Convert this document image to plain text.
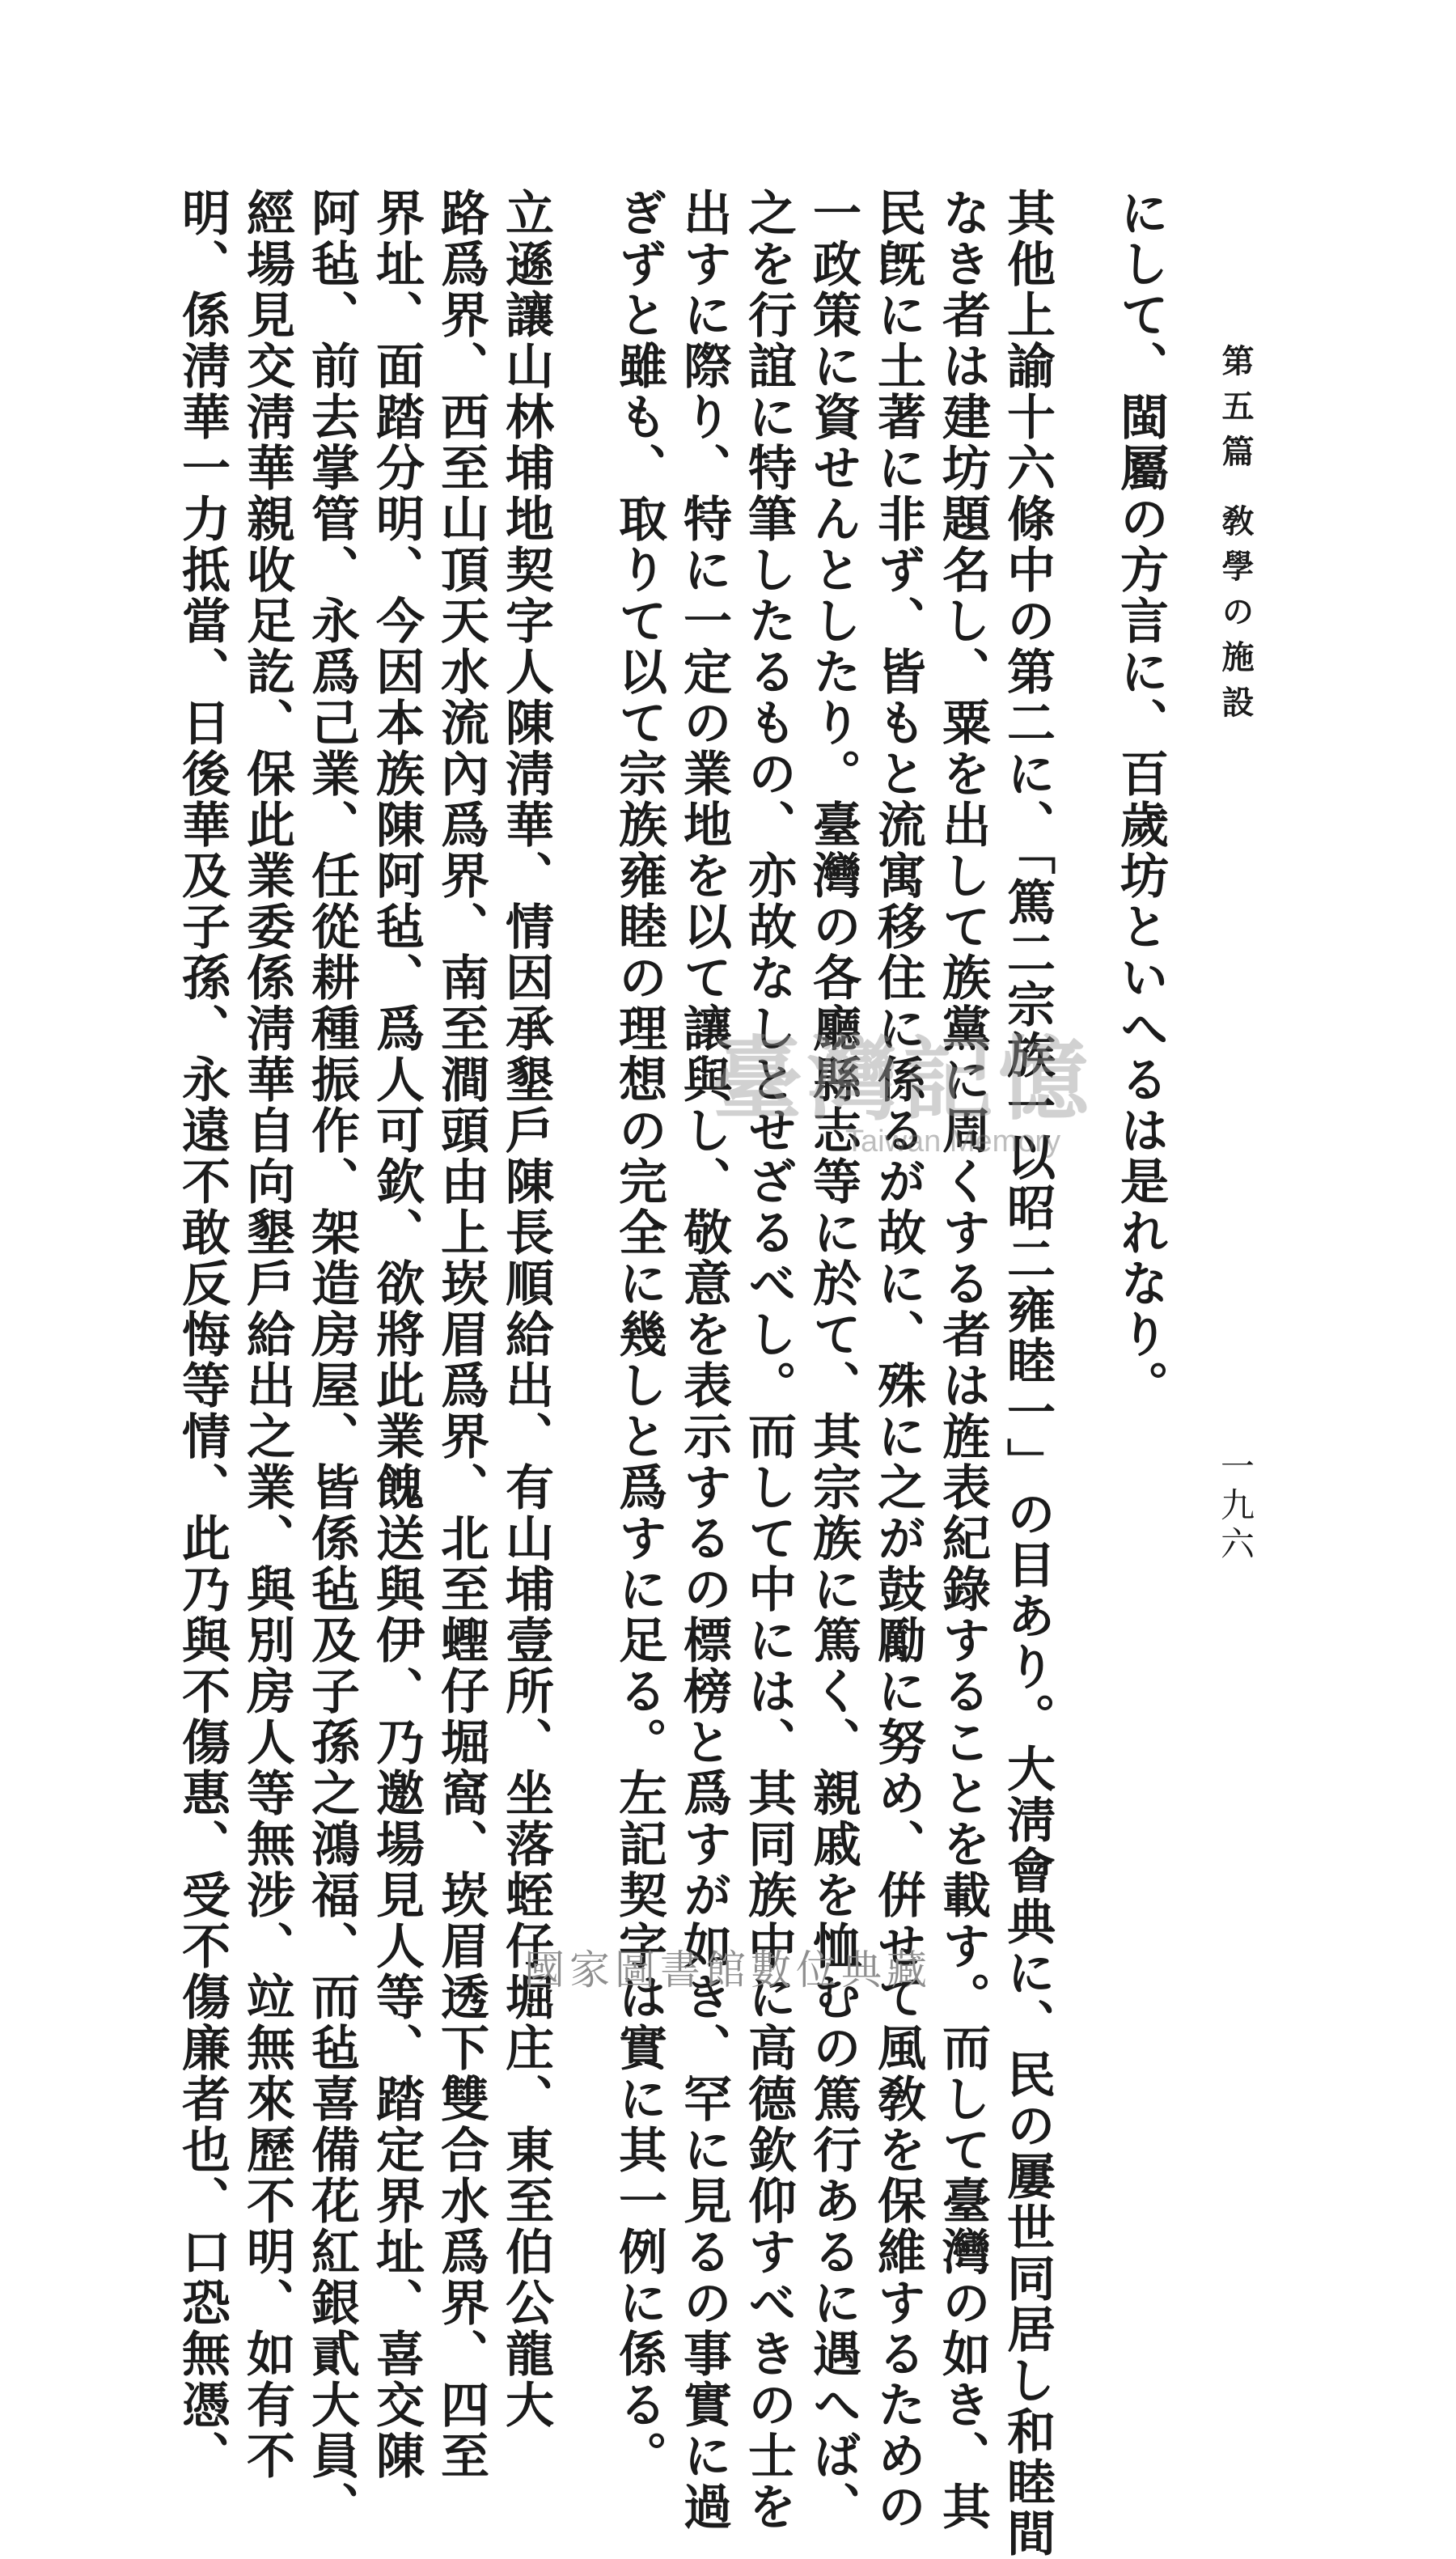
第五篇 敎學の施設
一九六
にして、閩屬の方言に、百歲坊といへるは是れなり。
其他上諭十六條中の第二に、「篤二宗族一以昭二雍睦一」の目あり。大淸會典に、民の屢世同居し和睦間
なき者は建坊題名し、粟を出して族黨に周くする者は旌表紀錄することを載す。而して臺灣の如き、其
民旣に土著に非ず、皆もと流寓移住に係るが故に、殊に之が鼓勵に努め、倂せて風敎を保維するための
一政策に資せんとしたり。臺灣の各廳縣志等に於て、其宗族に篤く、親戚を恤むの篤行あるに遇へば、
之を行誼に特筆したるもの、亦故なしとせざるべし。而して中には、其同族中に高德欽仰すべきの士を
出すに際り、特に一定の業地を以て讓與し、敬意を表示するの標榜と爲すが如き、罕に見るの事實に過
ぎずと雖も、取りて以て宗族雍睦の理想の完全に幾しと爲すに足る。左記契字は實に其一例に係る。
立遜讓山林埔地契字人陳淸華、情因承墾戶陳長順給出、有山埔壹所、坐落蛭仔堀庄、東至伯公龍大
路爲界、西至山頂天水流內爲界、南至澗頭由上崁眉爲界、北至蟶仔堀窩、崁眉透下雙合水爲界、四至
界址、面踏分明、今因本族陳阿毡、爲人可欽、欲將此業餽送與伊、乃邀場見人等、踏定界址、喜交陳
阿毡、前去掌管、永爲己業、任從耕種振作、架造房屋、皆係毡及子孫之鴻福、而毡喜備花紅銀貳大員、
經場見交淸華親收足訖、保此業委係淸華自向墾戶給出之業、與別房人等無涉、竝無來歷不明、如有不
明、係淸華一力抵當、日後華及子孫、永遠不敢反悔等情、此乃與不傷惠、受不傷廉者也、口恐無憑、	臺灣記憶
Taiwan Memory
國家圖書館數位典藏
